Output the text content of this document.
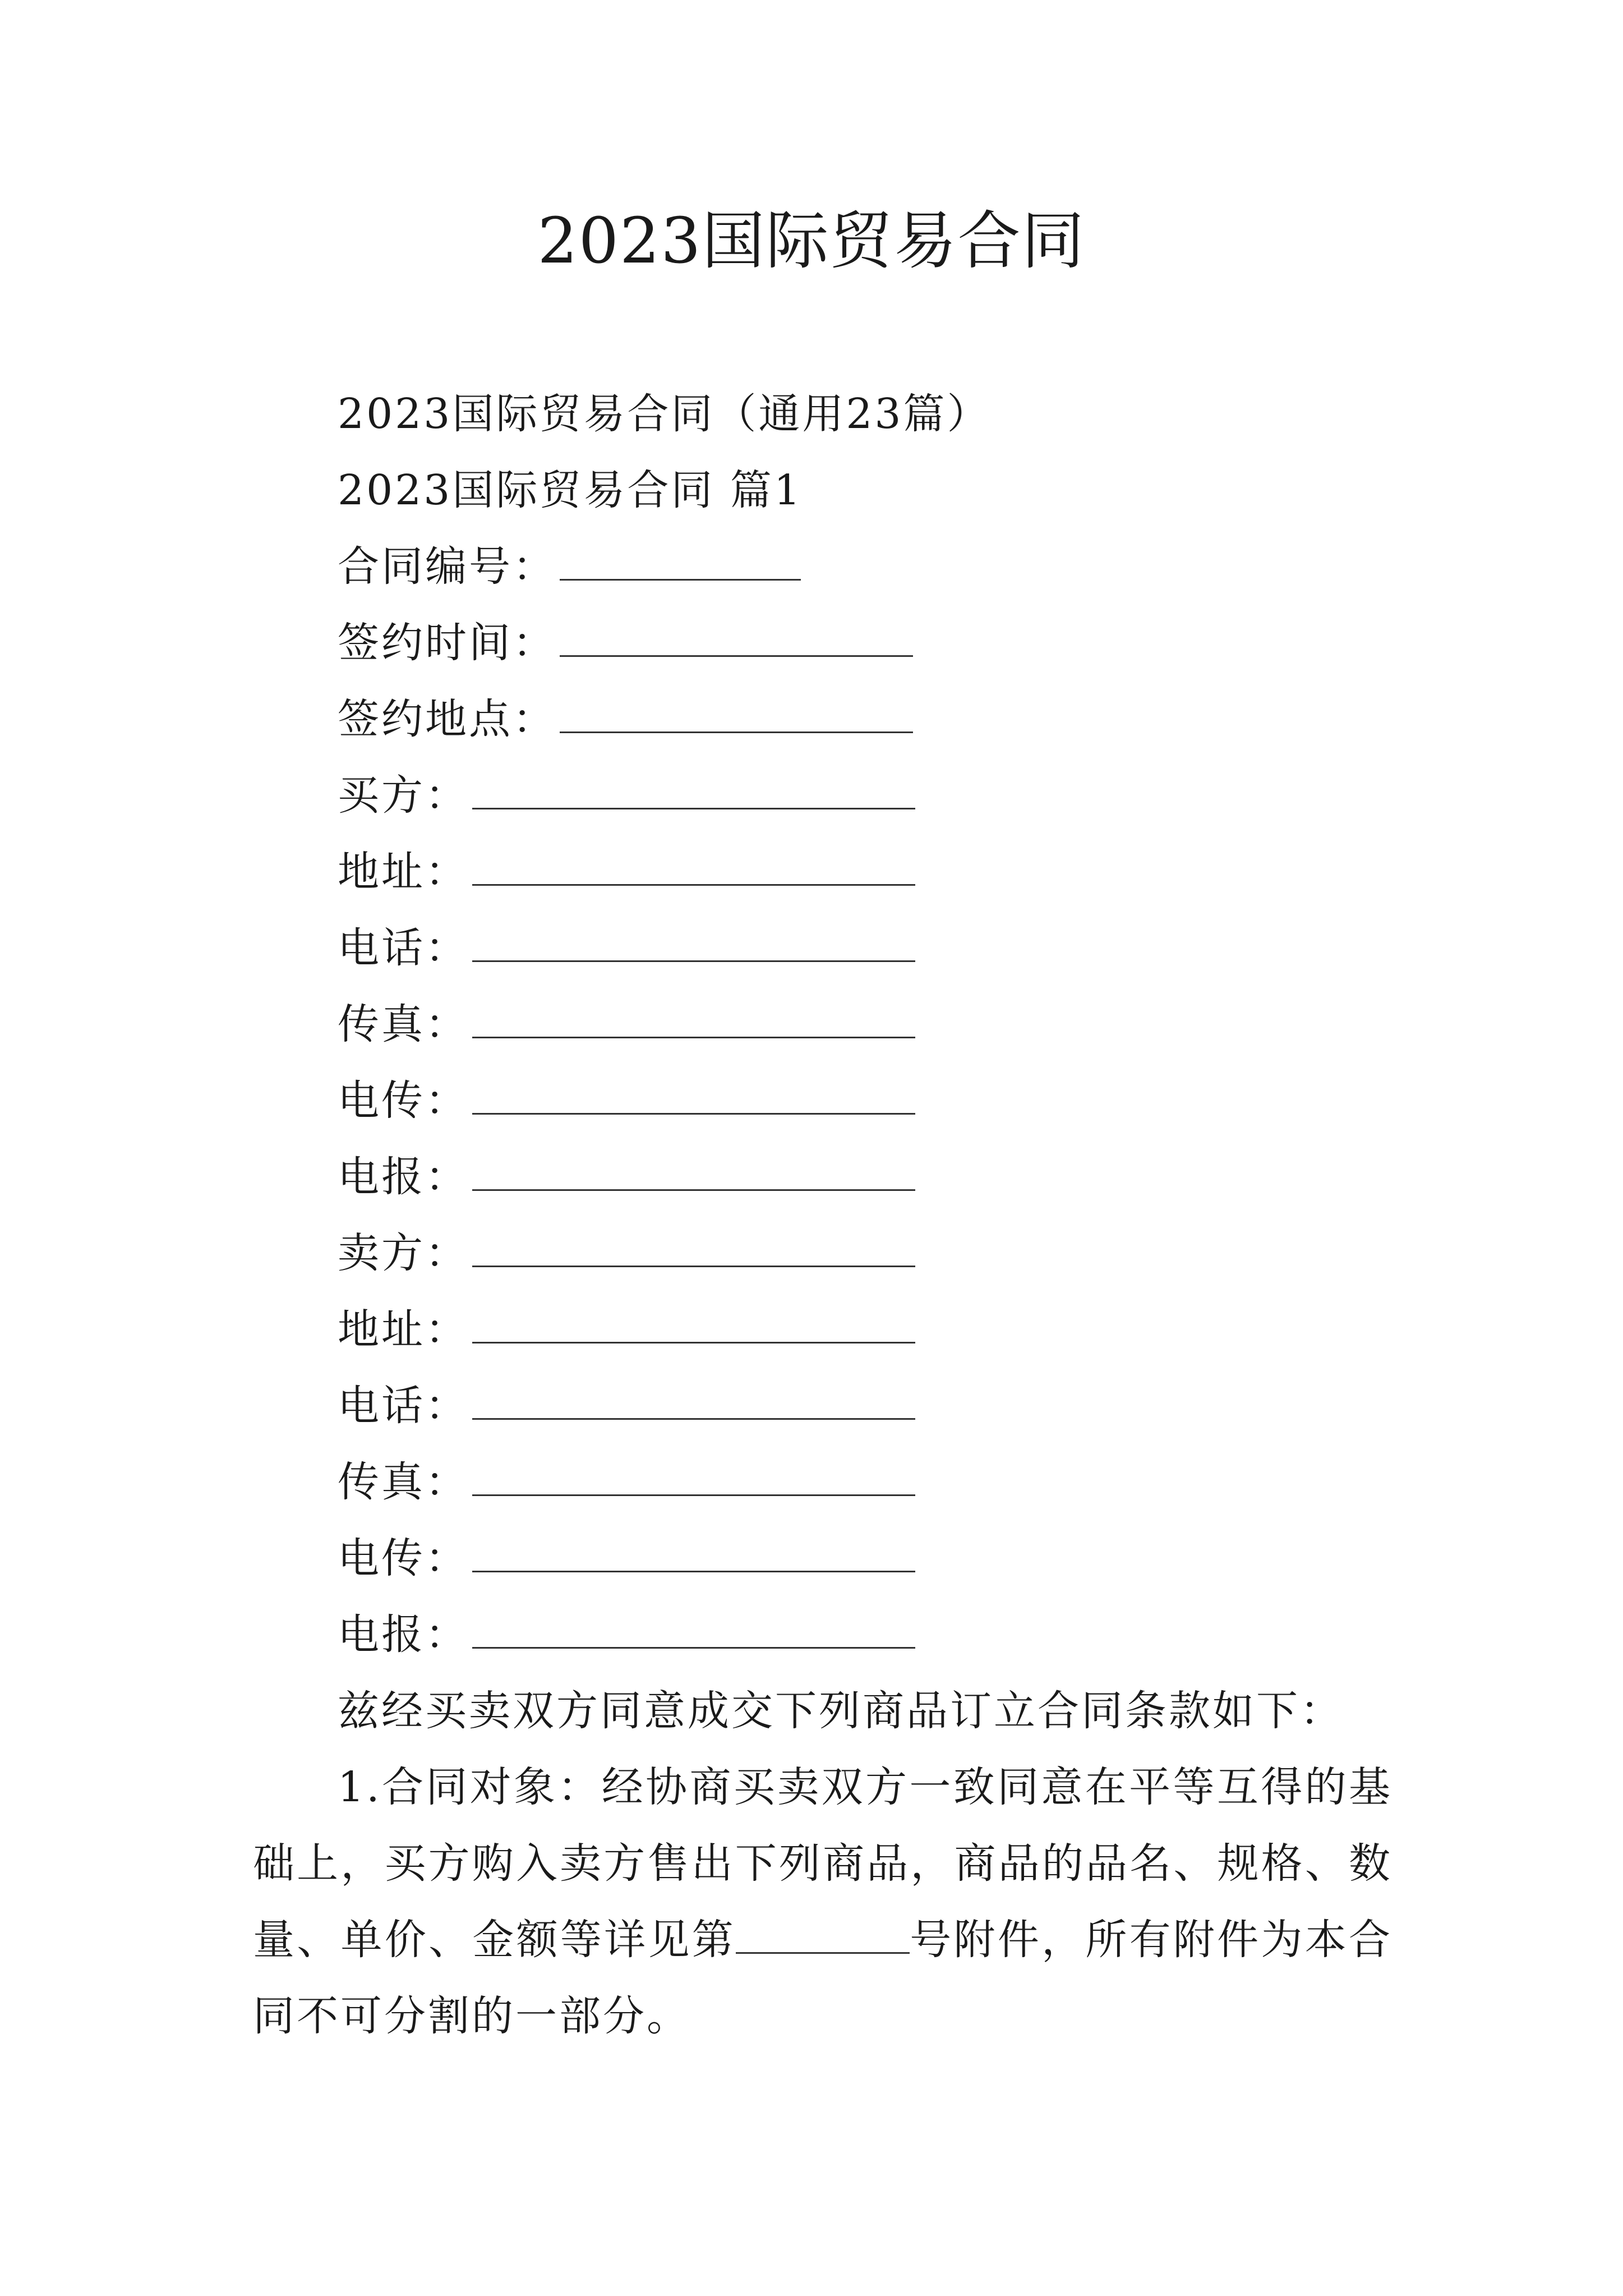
2023国际贸易合同
2023国际贸易合同（通用23篇）
2023国际贸易合同 篇1
合同编号：
签约时间：
签约地点：
买方：
地址：
电话：
传真：
电传：
电报：
卖方：
地址：
电话：
传真：
电传：
电报：
兹经买卖双方同意成交下列商品订立合同条款如下：
1.合同对象：经协商买卖双方一致同意在平等互得的基础上，买方购入卖方售出下列商品，商品的品名、规格、数量、单价、金额等详见第	号附件，所有附件为本合同不可分割的一部分。
